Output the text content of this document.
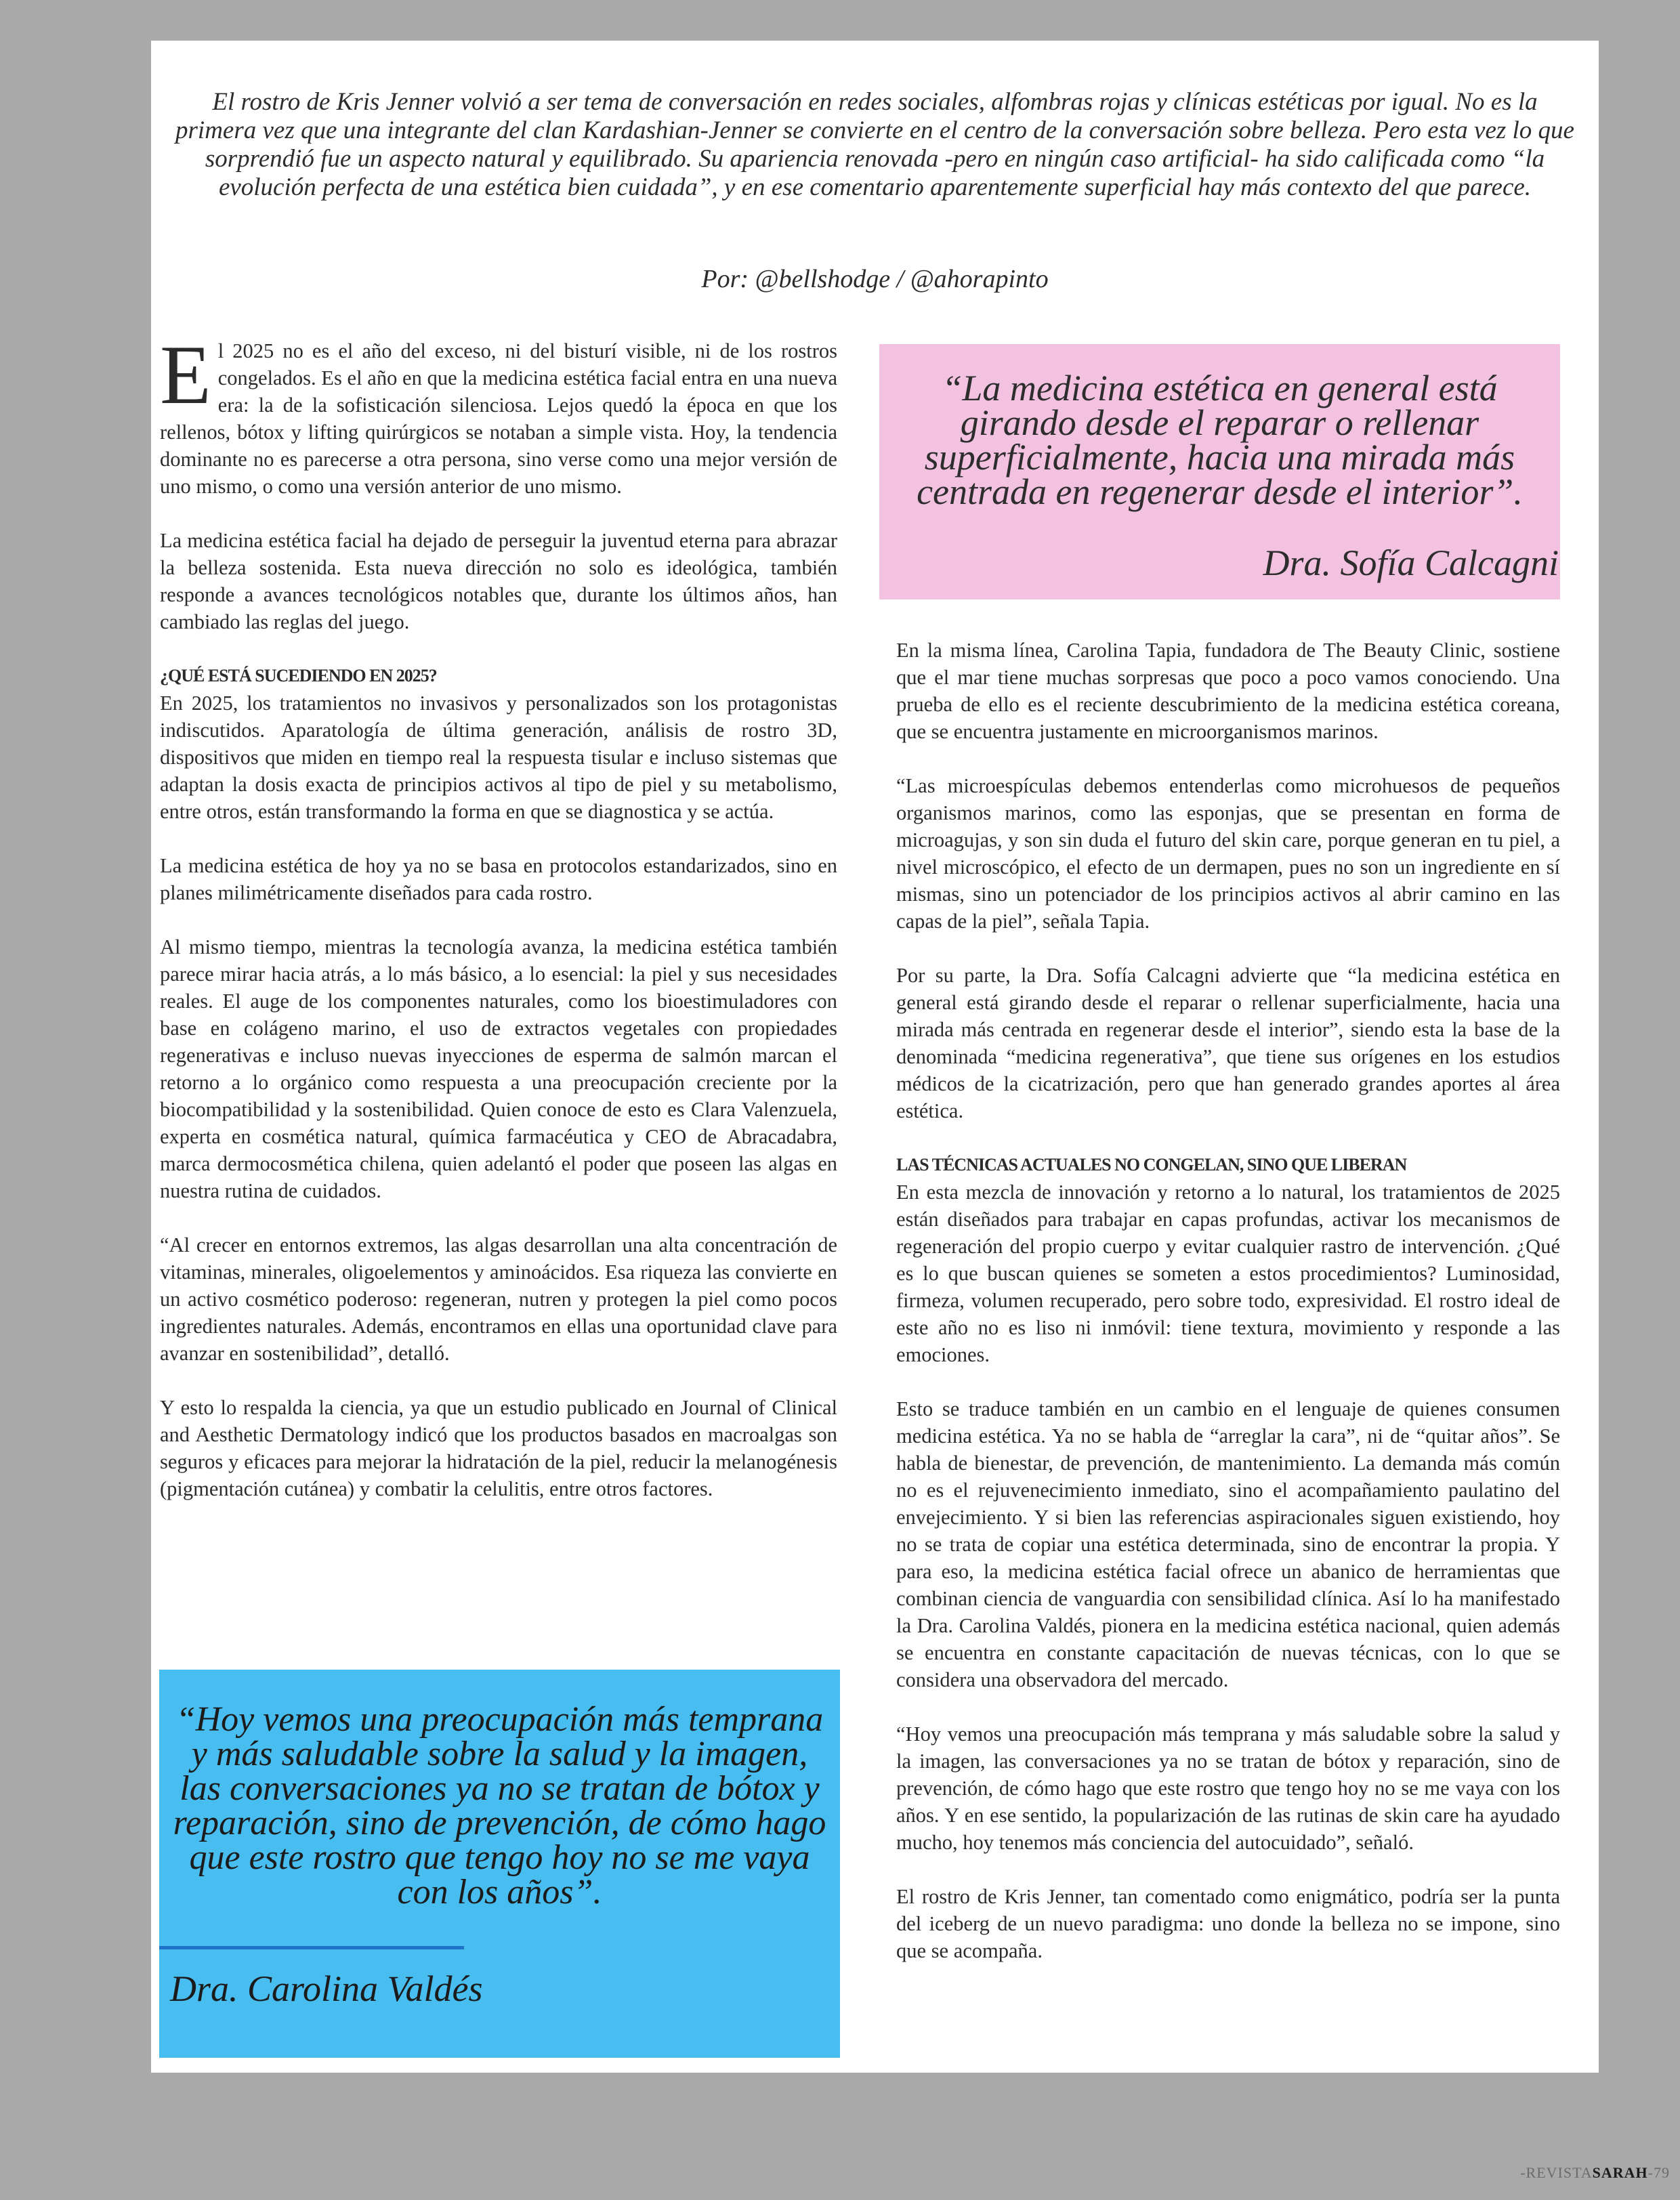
El rostro de Kris Jenner volvió a ser tema de conversación en redes sociales, alfombras rojas y clínicas estéticas por igual. No es la primera vez que una integrante del clan Kardashian-Jenner se convierte en el centro de la conversación sobre belleza. Pero esta vez lo que sorprendió fue un aspecto natural y equilibrado. Su apariencia renovada -pero en ningún caso artificial- ha sido calificada como “la evolución perfecta de una estética bien cuidada”, y en ese comentario aparentemente superficial hay más contexto del que parece.
Por: @bellshodge / @ahorapinto

El 2025 no es el año del exceso, ni del bisturí visible, ni de los rostros congelados. Es el año en que la medicina estética facial entra en una nueva era: la de la sofisticación silenciosa. Lejos quedó la época en que los rellenos, bótox y lifting quirúrgicos se notaban a simple vista. Hoy, la tendencia dominante no es parecerse a otra persona, sino verse como una mejor versión de uno mismo, o como una versión anterior de uno mismo.

La medicina estética facial ha dejado de perseguir la juventud eterna para abrazar la belleza sostenida. Esta nueva dirección no solo es ideológica, también responde a avances tecnológicos notables que, durante los últimos años, han cambiado las reglas del juego.

¿QUÉ ESTÁ SUCEDIENDO EN 2025?
En 2025, los tratamientos no invasivos y personalizados son los protagonistas indiscutidos. Aparatología de última generación, análisis de rostro 3D, dispositivos que miden en tiempo real la respuesta tisular e incluso sistemas que adaptan la dosis exacta de principios activos al tipo de piel y su metabolismo, entre otros, están transformando la forma en que se diagnostica y se actúa.

La medicina estética de hoy ya no se basa en protocolos estandarizados, sino en planes milimétricamente diseñados para cada rostro.

Al mismo tiempo, mientras la tecnología avanza, la medicina estética también parece mirar hacia atrás, a lo más básico, a lo esencial: la piel y sus necesidades reales. El auge de los componentes naturales, como los bioestimuladores con base en colágeno marino, el uso de extractos vegetales con propiedades regenerativas e incluso nuevas inyecciones de esperma de salmón marcan el retorno a lo orgánico como respuesta a una preocupación creciente por la biocompatibilidad y la sostenibilidad. Quien conoce de esto es Clara Valenzuela, experta en cosmética natural, química farmacéutica y CEO de Abracadabra, marca dermocosmética chilena, quien adelantó el poder que poseen las algas en nuestra rutina de cuidados.

“Al crecer en entornos extremos, las algas desarrollan una alta concentración de vitaminas, minerales, oligoelementos y aminoácidos. Esa riqueza las convierte en un activo cosmético poderoso: regeneran, nutren y protegen la piel como pocos ingredientes naturales. Además, encontramos en ellas una oportunidad clave para avanzar en sostenibilidad”, detalló.

Y esto lo respalda la ciencia, ya que un estudio publicado en Journal of Clinical and Aesthetic Dermatology indicó que los productos basados en macroalgas son seguros y eficaces para mejorar la hidratación de la piel, reducir la melanogénesis (pigmentación cutánea) y combatir la celulitis, entre otros factores.

“La medicina estética en general está girando desde el reparar o rellenar superficialmente, hacia una mirada más centrada en regenerar desde el interior”.
Dra. Sofía Calcagni

En la misma línea, Carolina Tapia, fundadora de The Beauty Clinic, sostiene que el mar tiene muchas sorpresas que poco a poco vamos conociendo. Una prueba de ello es el reciente descubrimiento de la medicina estética coreana, que se encuentra justamente en microorganismos marinos.

“Las microespículas debemos entenderlas como microhuesos de pequeños organismos marinos, como las esponjas, que se presentan en forma de microagujas, y son sin duda el futuro del skin care, porque generan en tu piel, a nivel microscópico, el efecto de un dermapen, pues no son un ingrediente en sí mismas, sino un potenciador de los principios activos al abrir camino en las capas de la piel”, señala Tapia.

Por su parte, la Dra. Sofía Calcagni advierte que “la medicina estética en general está girando desde el reparar o rellenar superficialmente, hacia una mirada más centrada en regenerar desde el interior”, siendo esta la base de la denominada “medicina regenerativa”, que tiene sus orígenes en los estudios médicos de la cicatrización, pero que han generado grandes aportes al área estética.

LAS TÉCNICAS ACTUALES NO CONGELAN, SINO QUE LIBERAN
En esta mezcla de innovación y retorno a lo natural, los tratamientos de 2025 están diseñados para trabajar en capas profundas, activar los mecanismos de regeneración del propio cuerpo y evitar cualquier rastro de intervención. ¿Qué es lo que buscan quienes se someten a estos procedimientos? Luminosidad, firmeza, volumen recuperado, pero sobre todo, expresividad. El rostro ideal de este año no es liso ni inmóvil: tiene textura, movimiento y responde a las emociones.

Esto se traduce también en un cambio en el lenguaje de quienes consumen medicina estética. Ya no se habla de “arreglar la cara”, ni de “quitar años”. Se habla de bienestar, de prevención, de mantenimiento. La demanda más común no es el rejuvenecimiento inmediato, sino el acompañamiento paulatino del envejecimiento. Y si bien las referencias aspiracionales siguen existiendo, hoy no se trata de copiar una estética determinada, sino de encontrar la propia. Y para eso, la medicina estética facial ofrece un abanico de herramientas que combinan ciencia de vanguardia con sensibilidad clínica. Así lo ha manifestado la Dra. Carolina Valdés, pionera en la medicina estética nacional, quien además se encuentra en constante capacitación de nuevas técnicas, con lo que se considera una observadora del mercado.

“Hoy vemos una preocupación más temprana y más saludable sobre la salud y la imagen, las conversaciones ya no se tratan de bótox y reparación, sino de prevención, de cómo hago que este rostro que tengo hoy no se me vaya con los años. Y en ese sentido, la popularización de las rutinas de skin care ha ayudado mucho, hoy tenemos más conciencia del autocuidado”, señaló.

El rostro de Kris Jenner, tan comentado como enigmático, podría ser la punta del iceberg de un nuevo paradigma: uno donde la belleza no se impone, sino que se acompaña.

“Hoy vemos una preocupación más temprana y más saludable sobre la salud y la imagen, las conversaciones ya no se tratan de bótox y reparación, sino de prevención, de cómo hago que este rostro que tengo hoy no se me vaya con los años”.
Dra. Carolina Valdés
-REVISTASARAH-79
